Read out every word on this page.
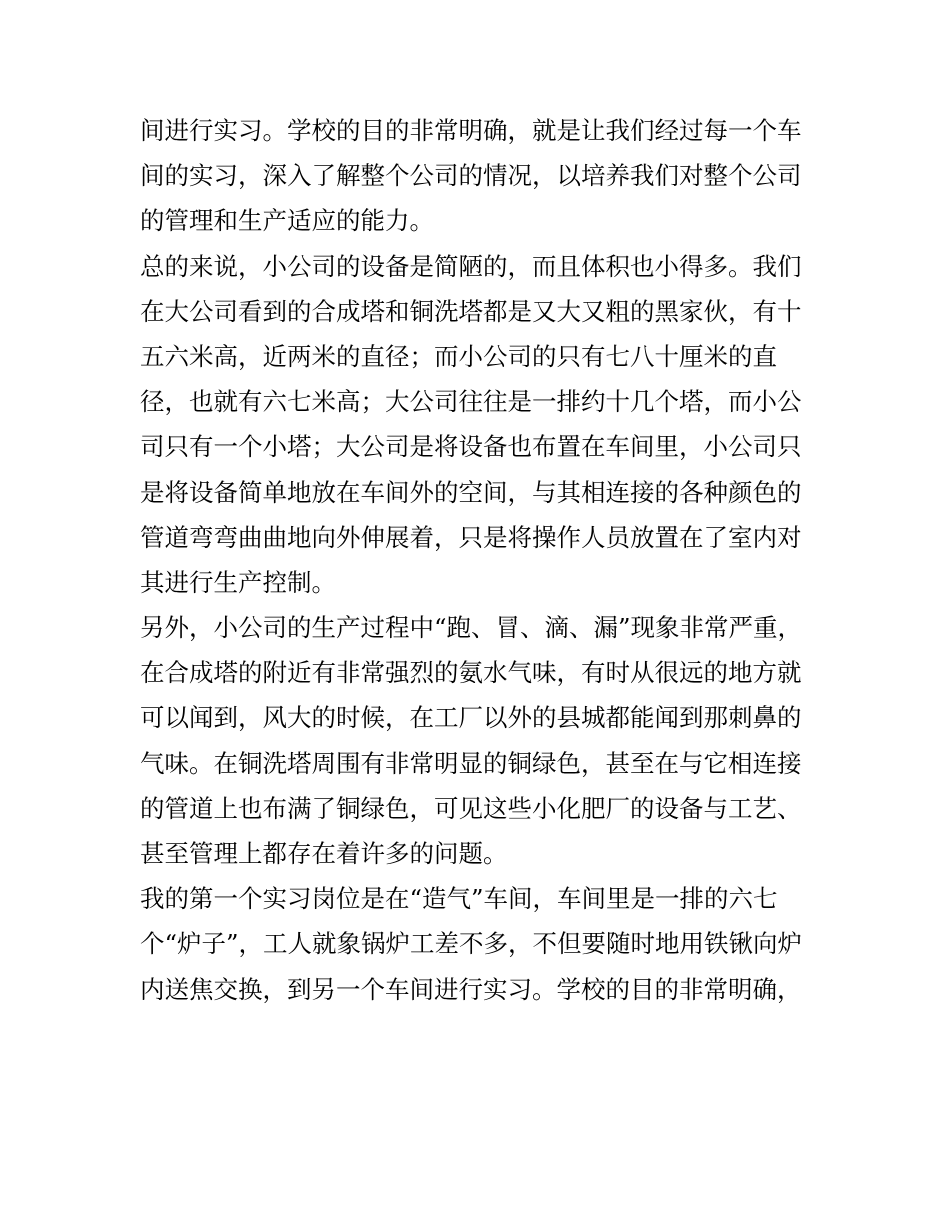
间进行实习。学校的目的非常明确，就是让我们经过每一个车
间的实习，深入了解整个公司的情况，以培养我们对整个公司
的管理和生产适应的能力。
总的来说，小公司的设备是简陋的，而且体积也小得多。我们
在大公司看到的合成塔和铜洗塔都是又大又粗的黑家伙，有十
五六米高，近两米的直径；而小公司的只有七八十厘米的直
径，也就有六七米高；大公司往往是一排约十几个塔，而小公
司只有一个小塔；大公司是将设备也布置在车间里，小公司只
是将设备简单地放在车间外的空间，与其相连接的各种颜色的
管道弯弯曲曲地向外伸展着，只是将操作人员放置在了室内对
其进行生产控制。
另外，小公司的生产过程中“跑、冒、滴、漏”现象非常严重，
在合成塔的附近有非常强烈的氨水气味，有时从很远的地方就
可以闻到，风大的时候，在工厂以外的县城都能闻到那刺鼻的
气味。在铜洗塔周围有非常明显的铜绿色，甚至在与它相连接
的管道上也布满了铜绿色，可见这些小化肥厂的设备与工艺、
甚至管理上都存在着许多的问题。
我的第一个实习岗位是在“造气”车间，车间里是一排的六七
个“炉子”，工人就象锅炉工差不多，不但要随时地用铁锹向炉
内送焦交换，到另一个车间进行实习。学校的目的非常明确，
